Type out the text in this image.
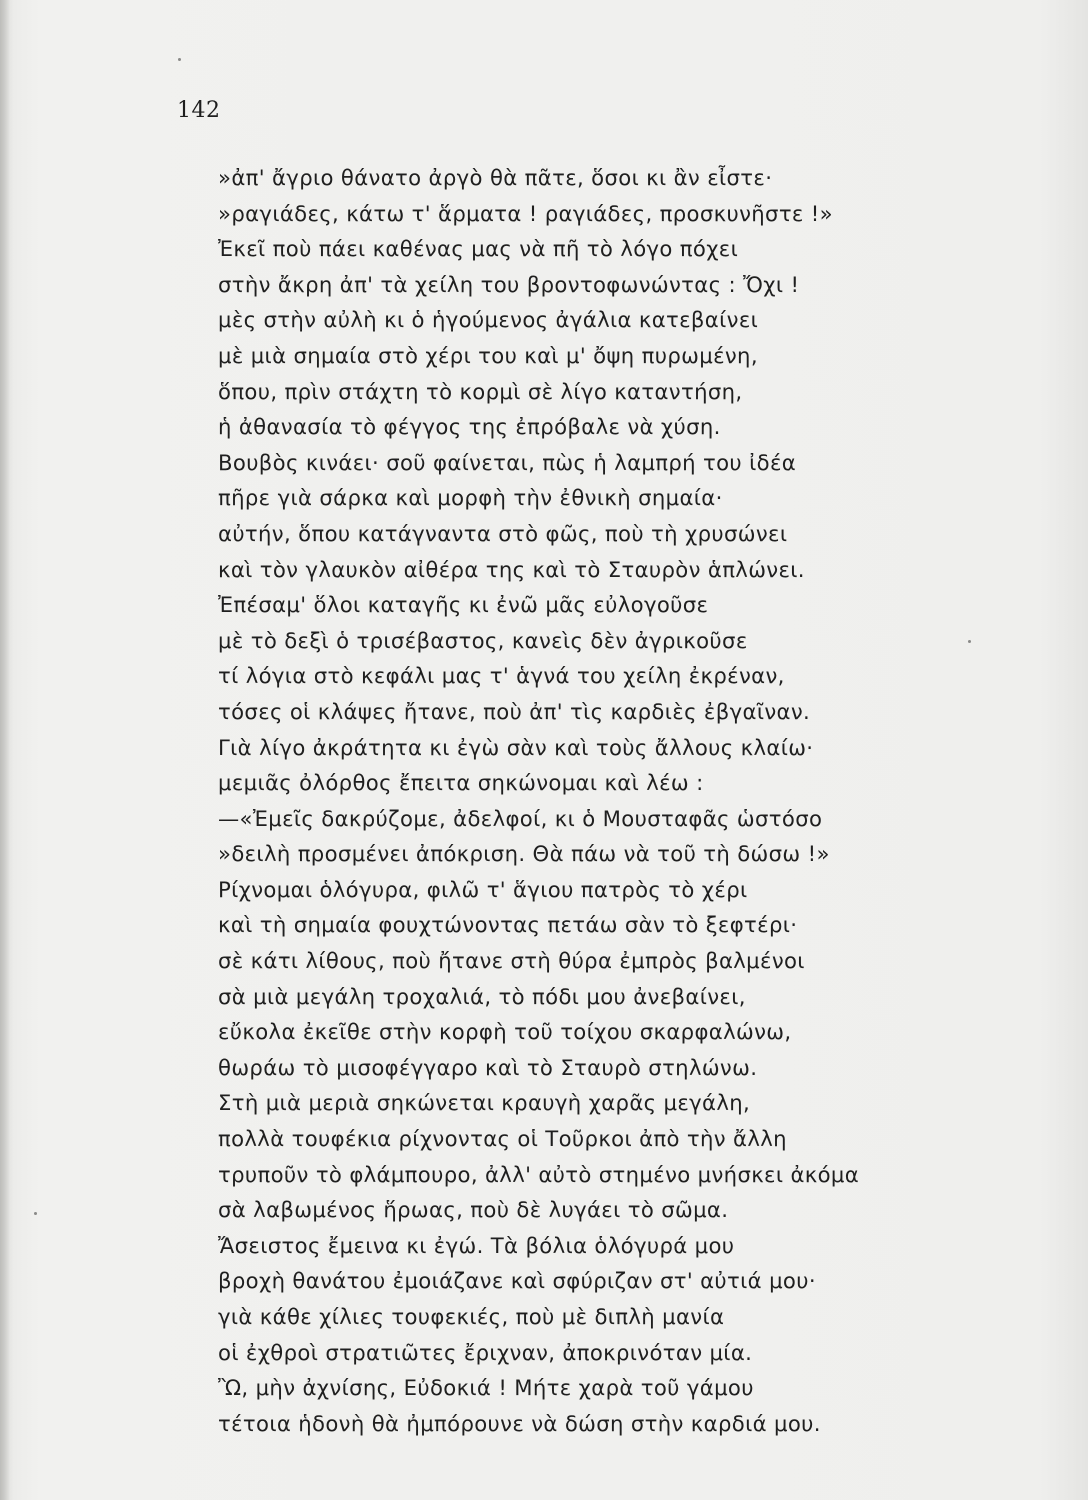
142
»ἀπ' ἄγριο θάνατο ἀργὸ θὰ πᾶτε, ὅσοι κι ἂν εἶστε·
»ραγιάδες, κάτω τ' ἅρματα ! ραγιάδες, προσκυνῆστε !»
Ἐκεῖ ποὺ πάει καθένας μας νὰ πῆ τὸ λόγο πόχει
στὴν ἄκρη ἀπ' τὰ χείλη του βροντοφωνώντας : Ὄχι !
μὲς στὴν αὐλὴ κι ὁ ἡγούμενος ἀγάλια κατεβαίνει
μὲ μιὰ σημαία στὸ χέρι του καὶ μ' ὄψη πυρωμένη,
ὅπου, πρὶν στάχτη τὸ κορμὶ σὲ λίγο καταντήση,
ἡ ἀθανασία τὸ φέγγος της ἐπρόβαλε νὰ χύση.
Βουβὸς κινάει· σοῦ φαίνεται, πὼς ἡ λαμπρή του ἰδέα
πῆρε γιὰ σάρκα καὶ μορφὴ τὴν ἐθνικὴ σημαία·
αὐτήν, ὅπου κατάγναντα στὸ φῶς, ποὺ τὴ χρυσώνει
καὶ τὸν γλαυκὸν αἰθέρα της καὶ τὸ Σταυρὸν ἁπλώνει.
Ἐπέσαμ' ὅλοι καταγῆς κι ἐνῶ μᾶς εὐλογοῦσε
μὲ τὸ δεξὶ ὁ τρισέβαστος, κανεὶς δὲν ἀγρικοῦσε
τί λόγια στὸ κεφάλι μας τ' ἁγνά του χείλη ἐκρέναν,
τόσες οἱ κλάψες ἤτανε, ποὺ ἀπ' τὶς καρδιὲς ἐβγαῖναν.
Γιὰ λίγο ἀκράτητα κι ἐγὼ σὰν καὶ τοὺς ἄλλους κλαίω·
μεμιᾶς ὀλόρθος ἔπειτα σηκώνομαι καὶ λέω :
—«Ἐμεῖς δακρύζομε, ἀδελφοί, κι ὁ Μουσταφᾶς ὡστόσο
»δειλὴ προσμένει ἀπόκριση. Θὰ πάω νὰ τοῦ τὴ δώσω !»
Ρίχνομαι ὁλόγυρα, φιλῶ τ' ἅγιου πατρὸς τὸ χέρι
καὶ τὴ σημαία φουχτώνοντας πετάω σὰν τὸ ξεφτέρι·
σὲ κάτι λίθους, ποὺ ἤτανε στὴ θύρα ἐμπρὸς βαλμένοι
σὰ μιὰ μεγάλη τροχαλιά, τὸ πόδι μου ἀνεβαίνει,
εὔκολα ἐκεῖθε στὴν κορφὴ τοῦ τοίχου σκαρφαλώνω,
θωράω τὸ μισοφέγγαρο καὶ τὸ Σταυρὸ στηλώνω.
Στὴ μιὰ μεριὰ σηκώνεται κραυγὴ χαρᾶς μεγάλη,
πολλὰ τουφέκια ρίχνοντας οἱ Τοῦρκοι ἀπὸ τὴν ἄλλη
τρυποῦν τὸ φλάμπουρο, ἀλλ' αὐτὸ στημένο μνήσκει ἀκόμα
σὰ λαβωμένος ἥρωας, ποὺ δὲ λυγάει τὸ σῶμα.
Ἄσειστος ἔμεινα κι ἐγώ. Τὰ βόλια ὁλόγυρά μου
βροχὴ θανάτου ἐμοιάζανε καὶ σφύριζαν στ' αὐτιά μου·
γιὰ κάθε χίλιες τουφεκιές, ποὺ μὲ διπλὴ μανία
οἱ ἐχθροὶ στρατιῶτες ἔριχναν, ἀποκρινόταν μία.
Ὢ, μὴν ἀχνίσης, Εὐδοκιά ! Μήτε χαρὰ τοῦ γάμου
τέτοια ἡδονὴ θὰ ἠμπόρουνε νὰ δώση στὴν καρδιά μου.
